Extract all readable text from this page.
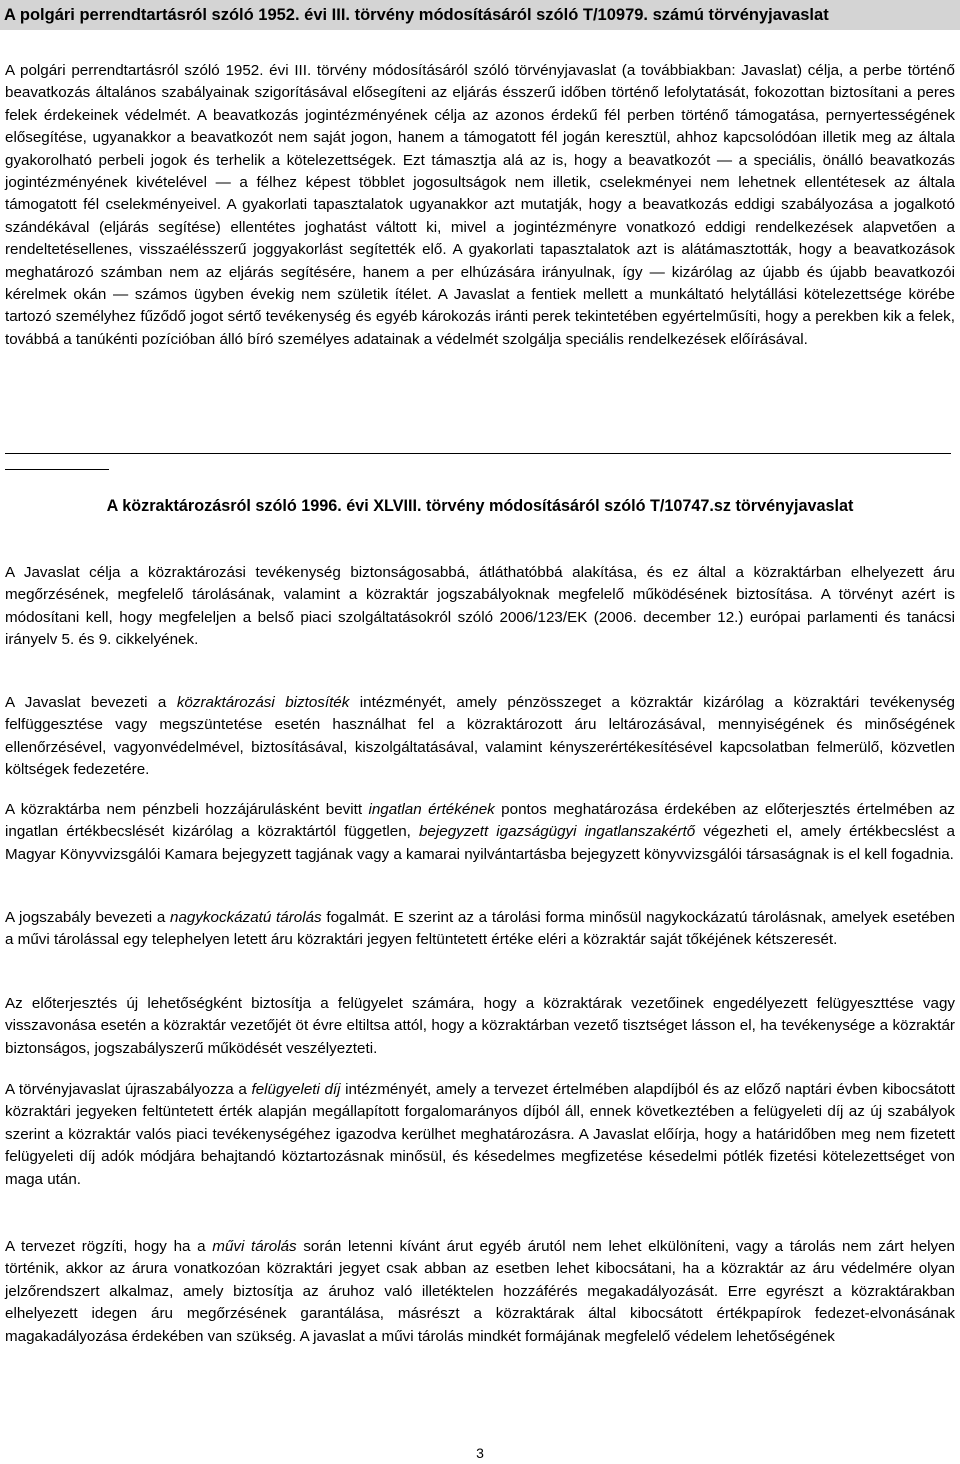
A polgári perrendtartásról szóló 1952. évi III. törvény módosításáról szóló T/10979. számú törvényjavaslat
A polgári perrendtartásról szóló 1952. évi III. törvény módosításáról szóló törvényjavaslat (a továbbiakban: Javaslat) célja, a perbe történő beavatkozás általános szabályainak szigorításával elősegíteni az eljárás ésszerű időben történő lefolytatását, fokozottan biztosítani a peres felek érdekeinek védelmét. A beavatkozás jogintézményének célja az azonos érdekű fél perben történő támogatása, pernyertességének elősegítése, ugyanakkor a beavatkozót nem saját jogon, hanem a támogatott fél jogán keresztül, ahhoz kapcsolódóan illetik meg az általa gyakorolható perbeli jogok és terhelik a kötelezettségek. Ezt támasztja alá az is, hogy a beavatkozót — a speciális, önálló beavatkozás jogintézményének kivételével — a félhez képest többlet jogosultságok nem illetik, cselekményei nem lehetnek ellentétesek az általa támogatott fél cselekményeivel. A gyakorlati tapasztalatok ugyanakkor azt mutatják, hogy a beavatkozás eddigi szabályozása a jogalkotó szándékával (eljárás segítése) ellentétes joghatást váltott ki, mivel a jogintézményre vonatkozó eddigi rendelkezések alapvetően a rendeltetésellenes, visszaélésszerű joggyakorlást segítették elő. A gyakorlati tapasztalatok azt is alátámasztották, hogy a beavatkozások meghatározó számban nem az eljárás segítésére, hanem a per elhúzására irányulnak, így — kizárólag az újabb és újabb beavatkozói kérelmek okán — számos ügyben évekig nem születik ítélet. A Javaslat a fentiek mellett a munkáltató helytállási kötelezettsége körébe tartozó személyhez fűződő jogot sértő tevékenység és egyéb károkozás iránti perek tekintetében egyértelműsíti, hogy a perekben kik a felek, továbbá a tanúkénti pozícióban álló bíró személyes adatainak a védelmét szolgálja speciális rendelkezések előírásával.
A közraktározásról szóló 1996. évi XLVIII. törvény módosításáról szóló T/10747.sz törvényjavaslat
A Javaslat célja a közraktározási tevékenység biztonságosabbá, átláthatóbbá alakítása, és ez által a közraktárban elhelyezett áru megőrzésének, megfelelő tárolásának, valamint a közraktár jogszabályoknak megfelelő működésének biztosítása. A törvényt azért is módosítani kell, hogy megfeleljen a belső piaci szolgáltatásokról szóló 2006/123/EK (2006. december 12.) európai parlamenti és tanácsi irányelv 5. és 9. cikkelyének.
A Javaslat bevezeti a közraktározási biztosíték intézményét, amely pénzösszeget a közraktár kizárólag a közraktári tevékenység felfüggesztése vagy megszüntetése esetén használhat fel a közraktározott áru leltározásával, mennyiségének és minőségének ellenőrzésével, vagyonvédelmével, biztosításával, kiszolgáltatásával, valamint kényszerértékesítésével kapcsolatban felmerülő, közvetlen költségek fedezetére.
A közraktárba nem pénzbeli hozzájárulásként bevitt ingatlan értékének pontos meghatározása érdekében az előterjesztés értelmében az ingatlan értékbecslését kizárólag a közraktártól független, bejegyzett igazságügyi ingatlanszakértő végezheti el, amely értékbecslést a Magyar Könyvvizsgálói Kamara bejegyzett tagjának vagy a kamarai nyilvántartásba bejegyzett könyvvizsgálói társaságnak is el kell fogadnia.
A jogszabály bevezeti a nagykockázatú tárolás fogalmát. E szerint az a tárolási forma minősül nagykockázatú tárolásnak, amelyek esetében a művi tárolással egy telephelyen letett áru közraktári jegyen feltüntetett értéke eléri a közraktár saját tőkéjének kétszeresét.
Az előterjesztés új lehetőségként biztosítja a felügyelet számára, hogy a közraktárak vezetőinek engedélyezett felügyeszttése vagy visszavonása esetén a közraktár vezetőjét öt évre eltiltsa attól, hogy a közraktárban vezető tisztséget lásson el, ha tevékenysége a közraktár biztonságos, jogszabályszerű működését veszélyezteti.
A törvényjavaslat újraszabályozza a felügyeleti díj intézményét, amely a tervezet értelmében alapdíjból és az előző naptári évben kibocsátott közraktári jegyeken feltüntetett érték alapján megállapított forgalomarányos díjból áll, ennek következtében a felügyeleti díj az új szabályok szerint a közraktár valós piaci tevékenységéhez igazodva kerülhet meghatározásra. A Javaslat előírja, hogy a határidőben meg nem fizetett felügyeleti díj adók módjára behajtandó köztartozásnak minősül, és késedelmes megfizetése késedelmi pótlék fizetési kötelezettséget von maga után.
A tervezet rögzíti, hogy ha a művi tárolás során letenni kívánt árut egyéb árutól nem lehet elkülöníteni, vagy a tárolás nem zárt helyen történik, akkor az árura vonatkozóan közraktári jegyet csak abban az esetben lehet kibocsátani, ha a közraktár az áru védelmére olyan jelzőrendszert alkalmaz, amely biztosítja az áruhoz való illetéktelen hozzáférés megakadályozását. Erre egyrészt a közraktárakban elhelyezett idegen áru megőrzésének garantálása, másrészt a közraktárak által kibocsátott értékpapírok fedezet-elvonásának magakadályozása érdekében van szükség. A javaslat a művi tárolás mindkét formájának megfelelő védelem lehetőségének
3
